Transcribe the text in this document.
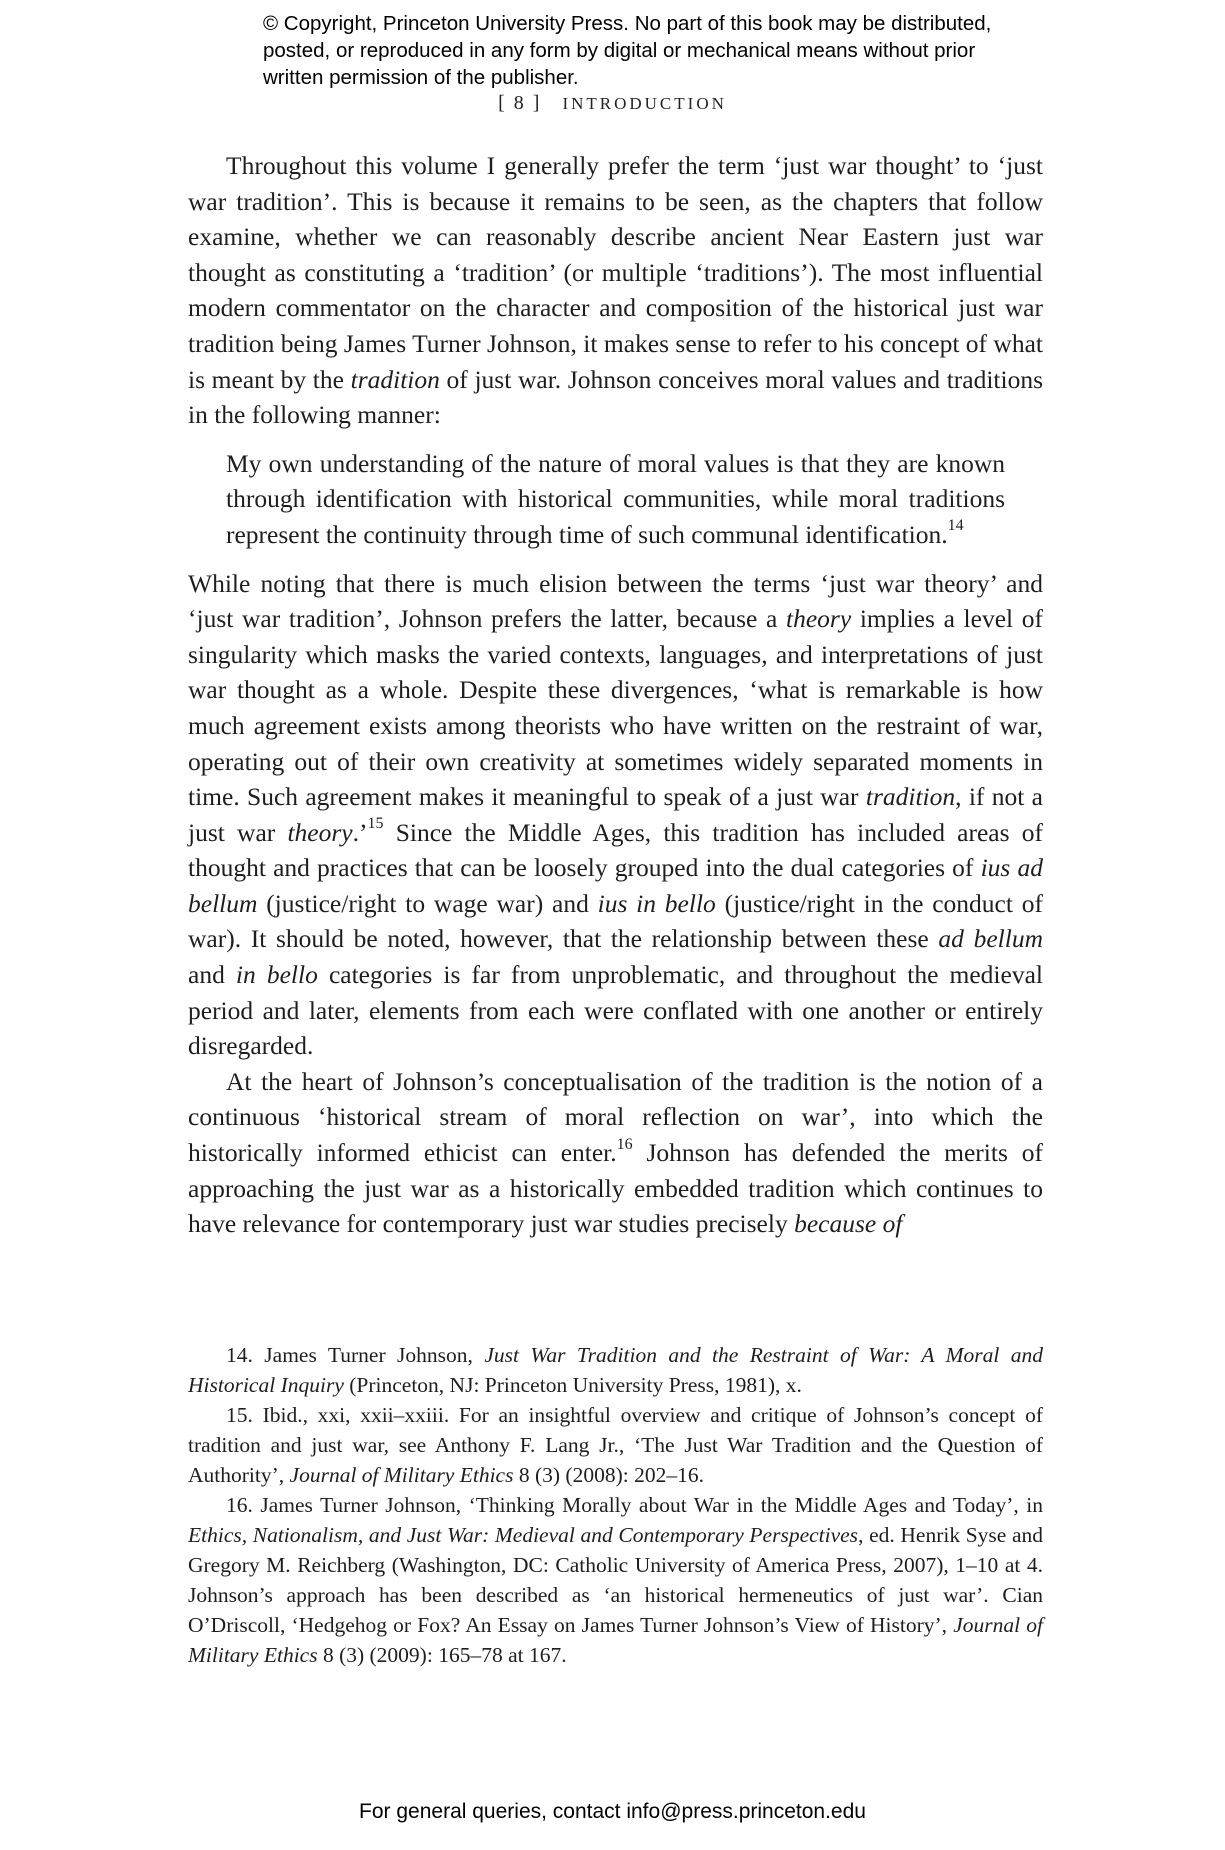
© Copyright, Princeton University Press. No part of this book may be distributed, posted, or reproduced in any form by digital or mechanical means without prior written permission of the publisher.
[ 8 ] INTRODUCTION

Throughout this volume I generally prefer the term ‘just war thought’ to ‘just war tradition’. This is because it remains to be seen, as the chapters that follow examine, whether we can reasonably describe ancient Near Eastern just war thought as constituting a ‘tradition’ (or multiple ‘traditions’). The most influential modern commentator on the character and composition of the historical just war tradition being James Turner Johnson, it makes sense to refer to his concept of what is meant by the tradition of just war. Johnson conceives moral values and traditions in the following manner:

My own understanding of the nature of moral values is that they are known through identification with historical communities, while moral traditions represent the continuity through time of such communal identification.$^{14}$

While noting that there is much elision between the terms ‘just war theory’ and ‘just war tradition’, Johnson prefers the latter, because a theory implies a level of singularity which masks the varied contexts, languages, and interpretations of just war thought as a whole. Despite these divergences, ‘what is remarkable is how much agreement exists among theorists who have written on the restraint of war, operating out of their own creativity at sometimes widely separated moments in time. Such agreement makes it meaningful to speak of a just war tradition, if not a just war theory.’$^{15}$ Since the Middle Ages, this tradition has included areas of thought and practices that can be loosely grouped into the dual categories of ius ad bellum (justice/right to wage war) and ius in bello (justice/right in the conduct of war). It should be noted, however, that the relationship between these ad bellum and in bello categories is far from unproblematic, and throughout the medieval period and later, elements from each were conflated with one another or entirely disregarded.

At the heart of Johnson’s conceptualisation of the tradition is the notion of a continuous ‘historical stream of moral reflection on war’, into which the historically informed ethicist can enter.$^{16}$ Johnson has defended the merits of approaching the just war as a historically embedded tradition which continues to have relevance for contemporary just war studies precisely because of

14. James Turner Johnson, Just War Tradition and the Restraint of War: A Moral and Historical Inquiry (Princeton, NJ: Princeton University Press, 1981), x.

15. Ibid., xxi, xxii–xxiii. For an insightful overview and critique of Johnson’s concept of tradition and just war, see Anthony F. Lang Jr., ‘The Just War Tradition and the Question of Authority’, Journal of Military Ethics 8 (3) (2008): 202–16.

16. James Turner Johnson, ‘Thinking Morally about War in the Middle Ages and Today’, in Ethics, Nationalism, and Just War: Medieval and Contemporary Perspectives, ed. Henrik Syse and Gregory M. Reichberg (Washington, DC: Catholic University of America Press, 2007), 1–10 at 4. Johnson’s approach has been described as ‘an historical hermeneutics of just war’. Cian O’Driscoll, ‘Hedgehog or Fox? An Essay on James Turner Johnson’s View of History’, Journal of Military Ethics 8 (3) (2009): 165–78 at 167.

For general queries, contact info@press.princeton.edu
